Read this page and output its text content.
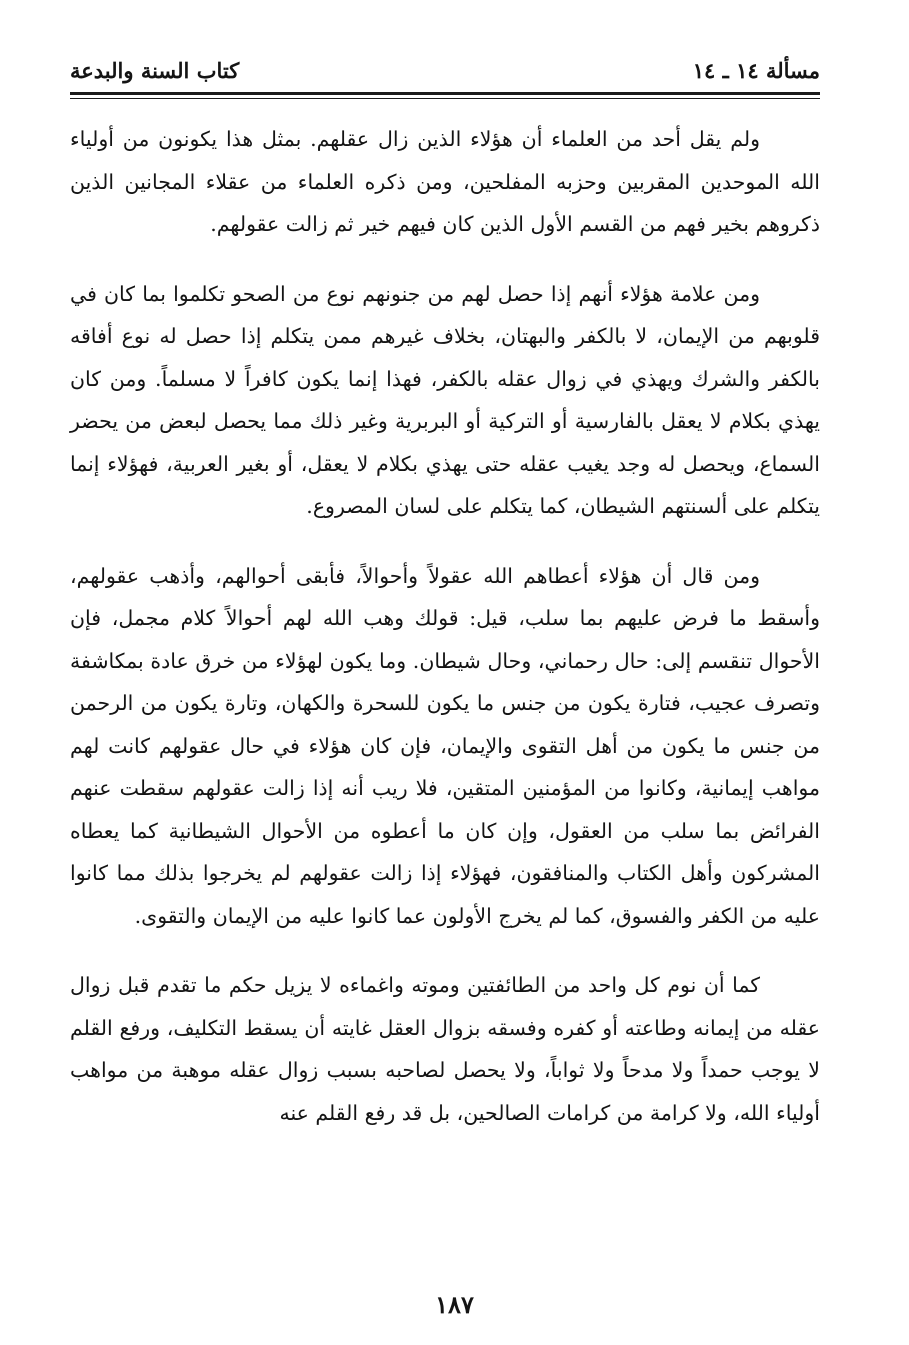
مسألة ١٤ ـ ١٤
كتاب السنة والبدعة

ولم يقل أحد من العلماء أن هؤلاء الذين زال عقلهم. بمثل هذا يكونون من أولياء الله الموحدين المقربين وحزبه المفلحين، ومن ذكره العلماء من عقلاء المجانين الذين ذكروهم بخير فهم من القسم الأول الذين كان فيهم خير ثم زالت عقولهم.

ومن علامة هؤلاء أنهم إذا حصل لهم من جنونهم نوع من الصحو تكلموا بما كان في قلوبهم من الإيمان، لا بالكفر والبهتان، بخلاف غيرهم ممن يتكلم إذا حصل له نوع أفاقه بالكفر والشرك ويهذي في زوال عقله بالكفر، فهذا إنما يكون كافراً لا مسلماً. ومن كان يهذي بكلام لا يعقل بالفارسية أو التركية أو البربرية وغير ذلك مما يحصل لبعض من يحضر السماع، ويحصل له وجد يغيب عقله حتى يهذي بكلام لا يعقل، أو بغير العربية، فهؤلاء إنما يتكلم على ألسنتهم الشيطان، كما يتكلم على لسان المصروع.

ومن قال أن هؤلاء أعطاهم الله عقولاً وأحوالاً، فأبقى أحوالهم، وأذهب عقولهم، وأسقط ما فرض عليهم بما سلب، قيل: قولك وهب الله لهم أحوالاً كلام مجمل، فإن الأحوال تنقسم إلى: حال رحماني، وحال شيطان. وما يكون لهؤلاء من خرق عادة بمكاشفة وتصرف عجيب، فتارة يكون من جنس ما يكون للسحرة والكهان، وتارة يكون من الرحمن من جنس ما يكون من أهل التقوى والإيمان، فإن كان هؤلاء في حال عقولهم كانت لهم مواهب إيمانية، وكانوا من المؤمنين المتقين، فلا ريب أنه إذا زالت عقولهم سقطت عنهم الفرائض بما سلب من العقول، وإن كان ما أعطوه من الأحوال الشيطانية كما يعطاه المشركون وأهل الكتاب والمنافقون، فهؤلاء إذا زالت عقولهم لم يخرجوا بذلك مما كانوا عليه من الكفر والفسوق، كما لم يخرج الأولون عما كانوا عليه من الإيمان والتقوى.

كما أن نوم كل واحد من الطائفتين وموته واغماءه لا يزيل حكم ما تقدم قبل زوال عقله من إيمانه وطاعته أو كفره وفسقه بزوال العقل غايته أن يسقط التكليف، ورفع القلم لا يوجب حمداً ولا مدحاً ولا ثواباً، ولا يحصل لصاحبه بسبب زوال عقله موهبة من مواهب أولياء الله، ولا كرامة من كرامات الصالحين، بل قد رفع القلم عنه

١٨٧
